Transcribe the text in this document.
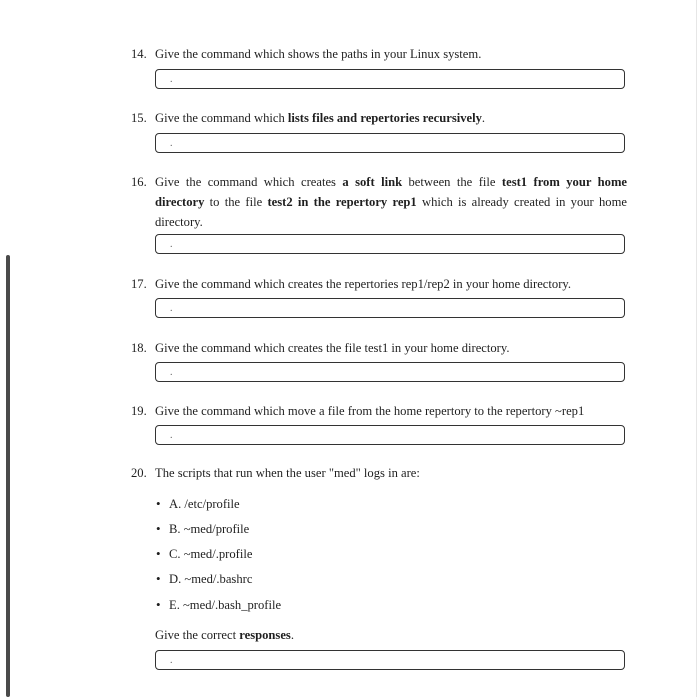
14. Give the command which shows the paths in your Linux system.
.
15. Give the command which lists files and repertories recursively.
.
16. Give the command which creates a soft link between the file test1 from your home directory to the file test2 in the repertory rep1 which is already created in your home directory.
.
17. Give the command which creates the repertories rep1/rep2 in your home directory.
.
18. Give the command which creates the file test1 in your home directory.
.
19. Give the command which move a file from the home repertory to the repertory ~rep1
.
20. The scripts that run when the user "med" logs in are:
• A. /etc/profile
• B. ~med/profile
• C. ~med/.profile
• D. ~med/.bashrc
• E. ~med/.bash_profile
Give the correct responses.
.
